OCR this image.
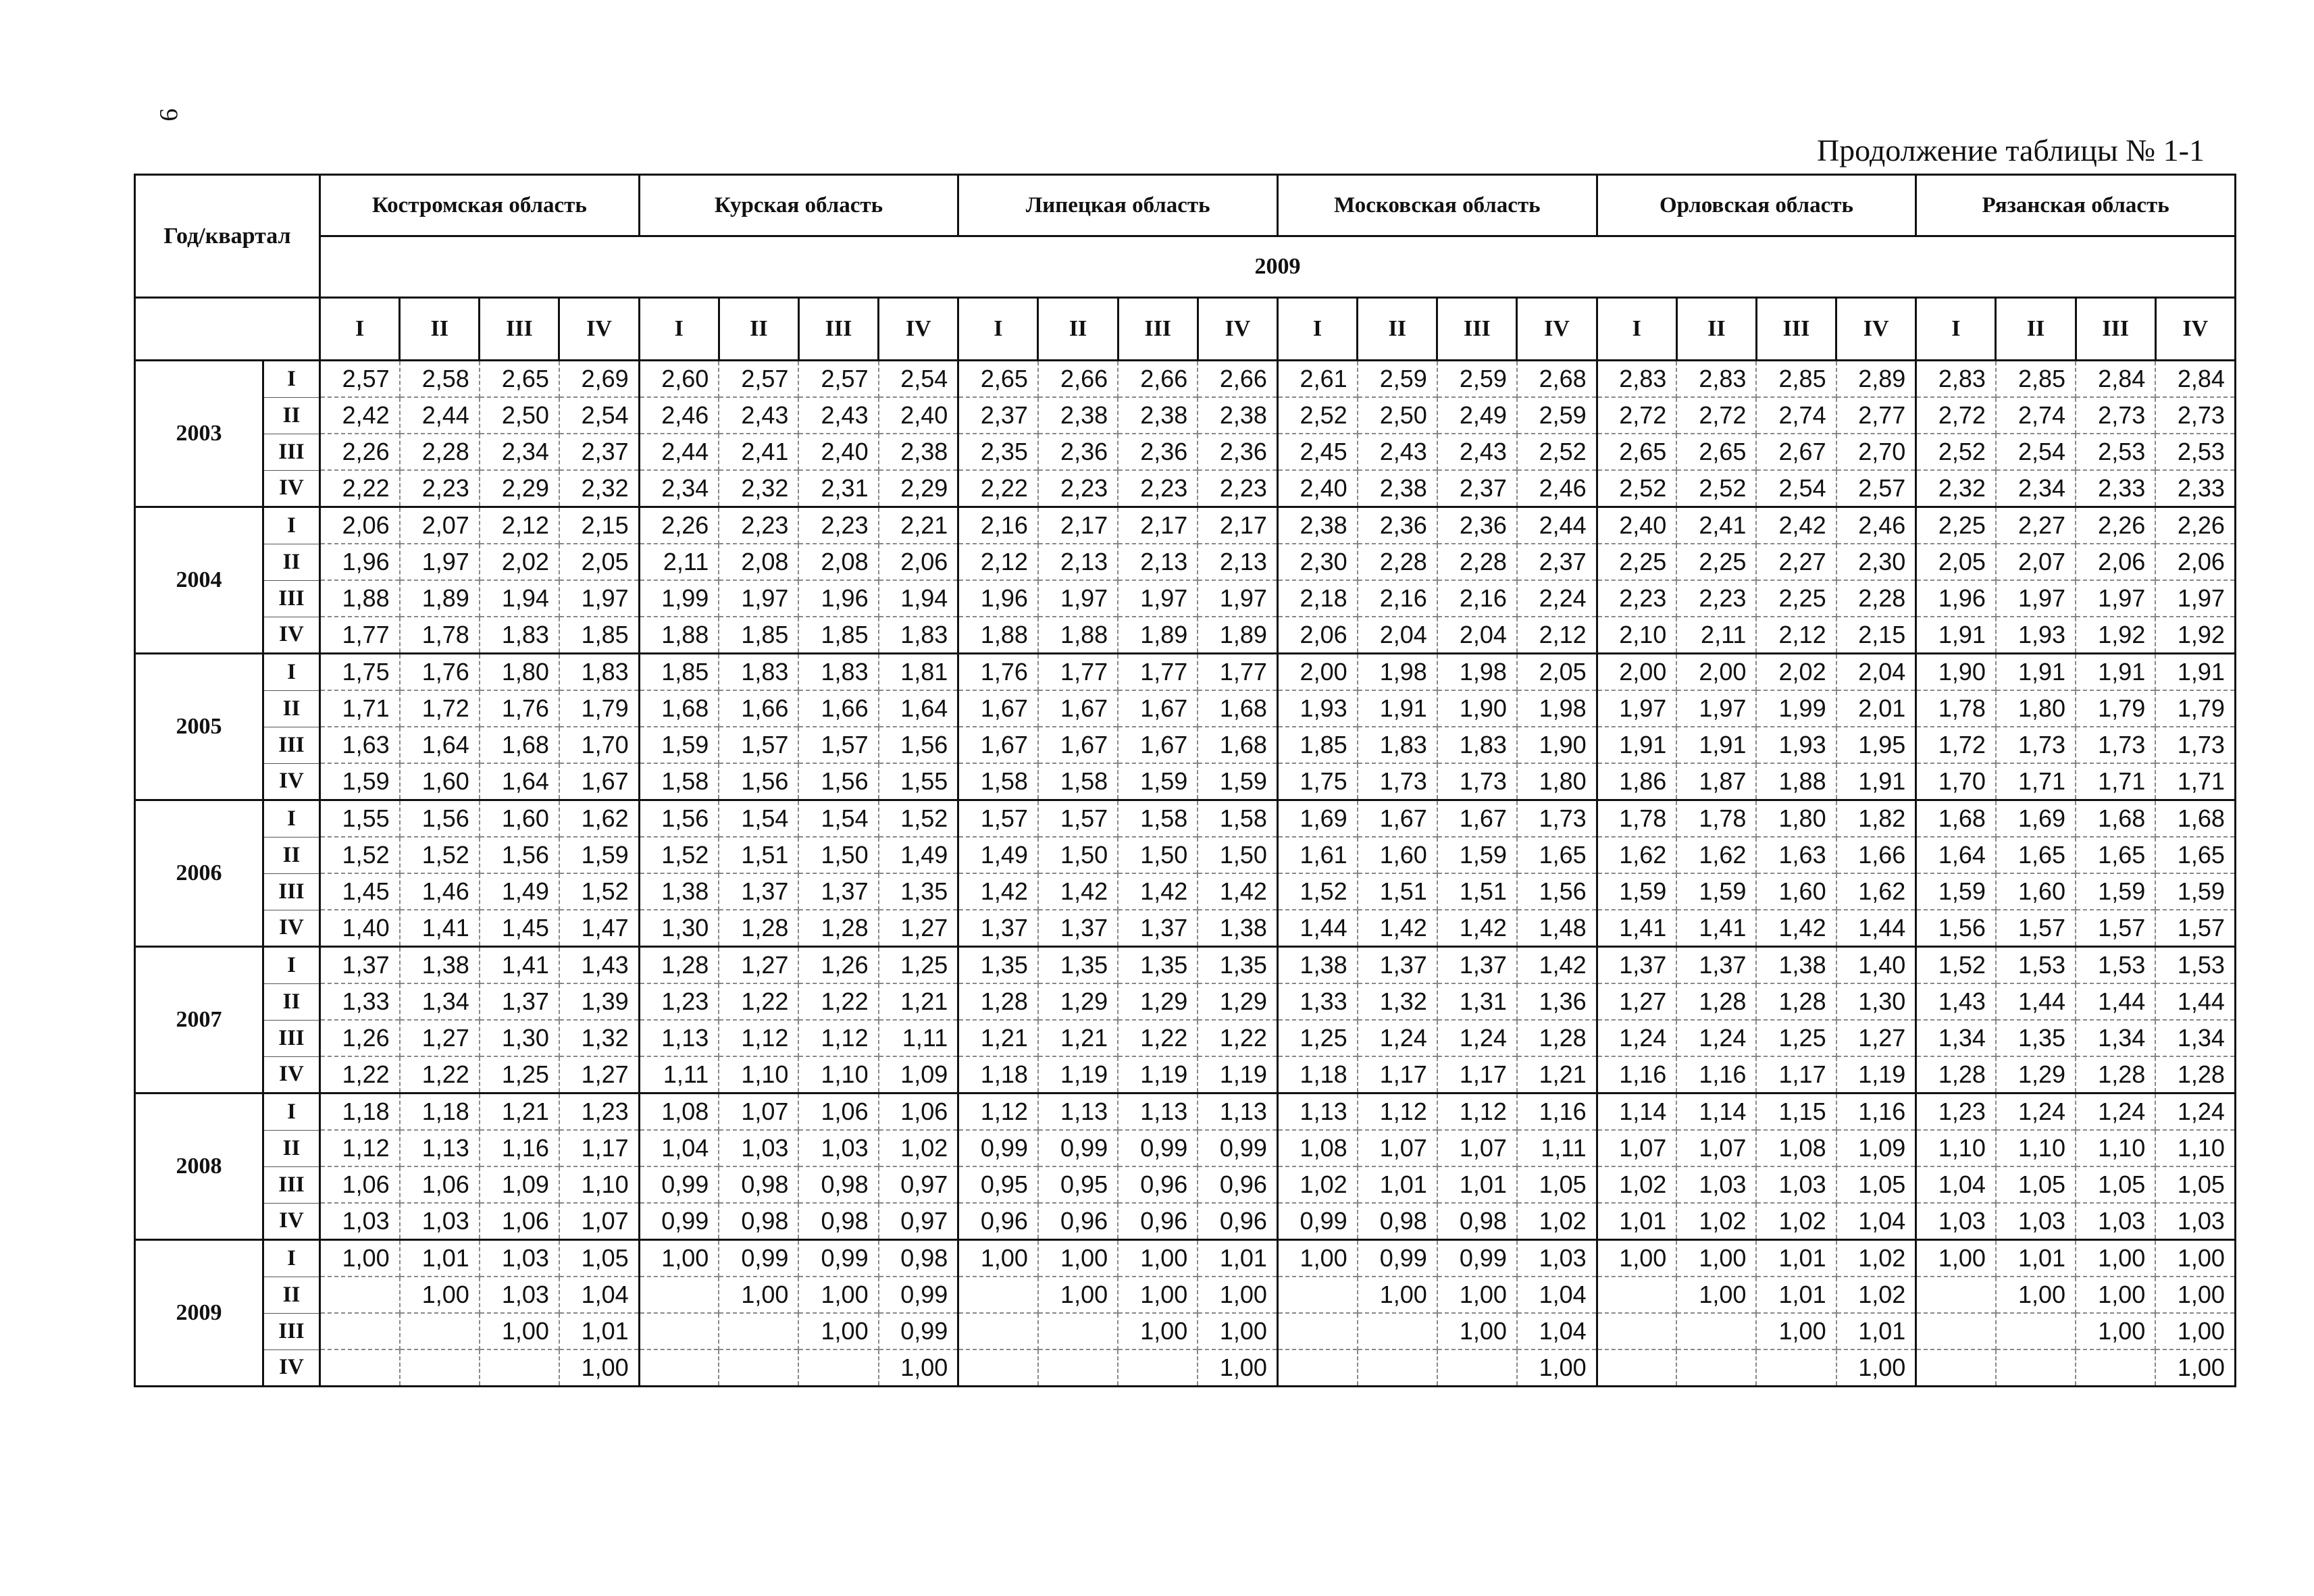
9
Продолжение таблицы № 1-1
Год/квартал		Костромская область				Курская область				Липецкая область				Московская область				Орловская область				Рязанская область			
		2009																							
		I	II	III	IV	I	II	III	IV	I	II	III	IV	I	II	III	IV	I	II	III	IV	I	II	III	IV
2003	I	2,57	2,58	2,65	2,69	2,60	2,57	2,57	2,54	2,65	2,66	2,66	2,66	2,61	2,59	2,59	2,68	2,83	2,83	2,85	2,89	2,83	2,85	2,84	2,84
	II	2,42	2,44	2,50	2,54	2,46	2,43	2,43	2,40	2,37	2,38	2,38	2,38	2,52	2,50	2,49	2,59	2,72	2,72	2,74	2,77	2,72	2,74	2,73	2,73
	III	2,26	2,28	2,34	2,37	2,44	2,41	2,40	2,38	2,35	2,36	2,36	2,36	2,45	2,43	2,43	2,52	2,65	2,65	2,67	2,70	2,52	2,54	2,53	2,53
	IV	2,22	2,23	2,29	2,32	2,34	2,32	2,31	2,29	2,22	2,23	2,23	2,23	2,40	2,38	2,37	2,46	2,52	2,52	2,54	2,57	2,32	2,34	2,33	2,33
2004	I	2,06	2,07	2,12	2,15	2,26	2,23	2,23	2,21	2,16	2,17	2,17	2,17	2,38	2,36	2,36	2,44	2,40	2,41	2,42	2,46	2,25	2,27	2,26	2,26
	II	1,96	1,97	2,02	2,05	2,11	2,08	2,08	2,06	2,12	2,13	2,13	2,13	2,30	2,28	2,28	2,37	2,25	2,25	2,27	2,30	2,05	2,07	2,06	2,06
	III	1,88	1,89	1,94	1,97	1,99	1,97	1,96	1,94	1,96	1,97	1,97	1,97	2,18	2,16	2,16	2,24	2,23	2,23	2,25	2,28	1,96	1,97	1,97	1,97
	IV	1,77	1,78	1,83	1,85	1,88	1,85	1,85	1,83	1,88	1,88	1,89	1,89	2,06	2,04	2,04	2,12	2,10	2,11	2,12	2,15	1,91	1,93	1,92	1,92
2005	I	1,75	1,76	1,80	1,83	1,85	1,83	1,83	1,81	1,76	1,77	1,77	1,77	2,00	1,98	1,98	2,05	2,00	2,00	2,02	2,04	1,90	1,91	1,91	1,91
	II	1,71	1,72	1,76	1,79	1,68	1,66	1,66	1,64	1,67	1,67	1,67	1,68	1,93	1,91	1,90	1,98	1,97	1,97	1,99	2,01	1,78	1,80	1,79	1,79
	III	1,63	1,64	1,68	1,70	1,59	1,57	1,57	1,56	1,67	1,67	1,67	1,68	1,85	1,83	1,83	1,90	1,91	1,91	1,93	1,95	1,72	1,73	1,73	1,73
	IV	1,59	1,60	1,64	1,67	1,58	1,56	1,56	1,55	1,58	1,58	1,59	1,59	1,75	1,73	1,73	1,80	1,86	1,87	1,88	1,91	1,70	1,71	1,71	1,71
2006	I	1,55	1,56	1,60	1,62	1,56	1,54	1,54	1,52	1,57	1,57	1,58	1,58	1,69	1,67	1,67	1,73	1,78	1,78	1,80	1,82	1,68	1,69	1,68	1,68
	II	1,52	1,52	1,56	1,59	1,52	1,51	1,50	1,49	1,49	1,50	1,50	1,50	1,61	1,60	1,59	1,65	1,62	1,62	1,63	1,66	1,64	1,65	1,65	1,65
	III	1,45	1,46	1,49	1,52	1,38	1,37	1,37	1,35	1,42	1,42	1,42	1,42	1,52	1,51	1,51	1,56	1,59	1,59	1,60	1,62	1,59	1,60	1,59	1,59
	IV	1,40	1,41	1,45	1,47	1,30	1,28	1,28	1,27	1,37	1,37	1,37	1,38	1,44	1,42	1,42	1,48	1,41	1,41	1,42	1,44	1,56	1,57	1,57	1,57
2007	I	1,37	1,38	1,41	1,43	1,28	1,27	1,26	1,25	1,35	1,35	1,35	1,35	1,38	1,37	1,37	1,42	1,37	1,37	1,38	1,40	1,52	1,53	1,53	1,53
	II	1,33	1,34	1,37	1,39	1,23	1,22	1,22	1,21	1,28	1,29	1,29	1,29	1,33	1,32	1,31	1,36	1,27	1,28	1,28	1,30	1,43	1,44	1,44	1,44
	III	1,26	1,27	1,30	1,32	1,13	1,12	1,12	1,11	1,21	1,21	1,22	1,22	1,25	1,24	1,24	1,28	1,24	1,24	1,25	1,27	1,34	1,35	1,34	1,34
	IV	1,22	1,22	1,25	1,27	1,11	1,10	1,10	1,09	1,18	1,19	1,19	1,19	1,18	1,17	1,17	1,21	1,16	1,16	1,17	1,19	1,28	1,29	1,28	1,28
2008	I	1,18	1,18	1,21	1,23	1,08	1,07	1,06	1,06	1,12	1,13	1,13	1,13	1,13	1,12	1,12	1,16	1,14	1,14	1,15	1,16	1,23	1,24	1,24	1,24
	II	1,12	1,13	1,16	1,17	1,04	1,03	1,03	1,02	0,99	0,99	0,99	0,99	1,08	1,07	1,07	1,11	1,07	1,07	1,08	1,09	1,10	1,10	1,10	1,10
	III	1,06	1,06	1,09	1,10	0,99	0,98	0,98	0,97	0,95	0,95	0,96	0,96	1,02	1,01	1,01	1,05	1,02	1,03	1,03	1,05	1,04	1,05	1,05	1,05
	IV	1,03	1,03	1,06	1,07	0,99	0,98	0,98	0,97	0,96	0,96	0,96	0,96	0,99	0,98	0,98	1,02	1,01	1,02	1,02	1,04	1,03	1,03	1,03	1,03
2009	I	1,00	1,01	1,03	1,05	1,00	0,99	0,99	0,98	1,00	1,00	1,00	1,01	1,00	0,99	0,99	1,03	1,00	1,00	1,01	1,02	1,00	1,01	1,00	1,00
	II		1,00	1,03	1,04		1,00	1,00	0,99		1,00	1,00	1,00		1,00	1,00	1,04		1,00	1,01	1,02		1,00	1,00	1,00
	III			1,00	1,01			1,00	0,99			1,00	1,00			1,00	1,04			1,00	1,01			1,00	1,00
	IV				1,00				1,00				1,00				1,00				1,00				1,00
